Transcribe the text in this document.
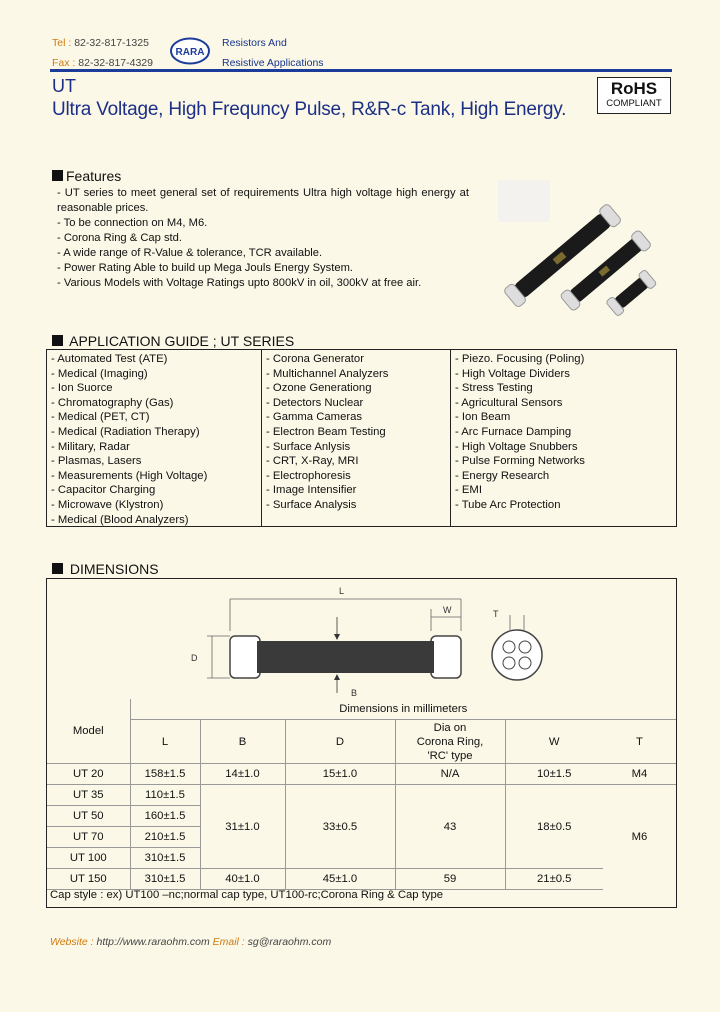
Tel : 82-32-817-1325
Fax : 82-32-817-4329
RARA
Resistors And
Resistive Applications
UT
Ultra Voltage, High Frequncy Pulse, R&R-c Tank, High Energy.
RoHS
COMPLIANT
Features
- UT series to meet general set of requirements Ultra high voltage high energy at reasonable prices.
- To be connection on M4, M6.
- Corona Ring & Cap std.
- A wide range of R-Value & tolerance, TCR available.
- Power Rating Able to build up Mega Jouls Energy System.
- Various Models with Voltage Ratings upto 800kV in oil, 300kV at free air.
APPLICATION GUIDE ; UT SERIES
- Automated Test (ATE)
- Medical (Imaging)
- Ion Suorce
- Chromatography (Gas)
- Medical (PET, CT)
- Medical (Radiation Therapy)
- Military, Radar
- Plasmas, Lasers
- Measurements (High Voltage)
- Capacitor Charging
- Microwave (Klystron)
- Medical (Blood Analyzers)
- Corona Generator
- Multichannel Analyzers
- Ozone Generationg
- Detectors Nuclear
- Gamma Cameras
- Electron Beam Testing
- Surface Anlysis
- CRT, X-Ray, MRI
- Electrophoresis
- Image Intensifier
- Surface Analysis
- Piezo. Focusing (Poling)
- High Voltage Dividers
- Stress Testing
- Agricultural Sensors
- Ion Beam
- Arc Furnace Damping
- High Voltage Snubbers
- Pulse Forming Networks
- Energy Research
- EMI
- Tube Arc Protection
DIMENSIONS
L
W
D
B
T
Model	Dimensions in millimeters					
	L	B	D	Dia on
Corona Ring,
'RC' type	W	T
UT 20	158±1.5	14±1.0	15±1.0	N/A	10±1.5	M4
UT 35	110±1.5	31±1.0	33±0.5	43	18±0.5	M6
UT 50	160±1.5					
UT 70	210±1.5					
UT 100	310±1.5					
UT 150	310±1.5	40±1.0	45±1.0	59	21±0.5	
Cap style : ex) UT100 –nc;normal cap type, UT100-rc;Corona Ring & Cap type
Website : http://www.raraohm.com Email : sg@raraohm.com
